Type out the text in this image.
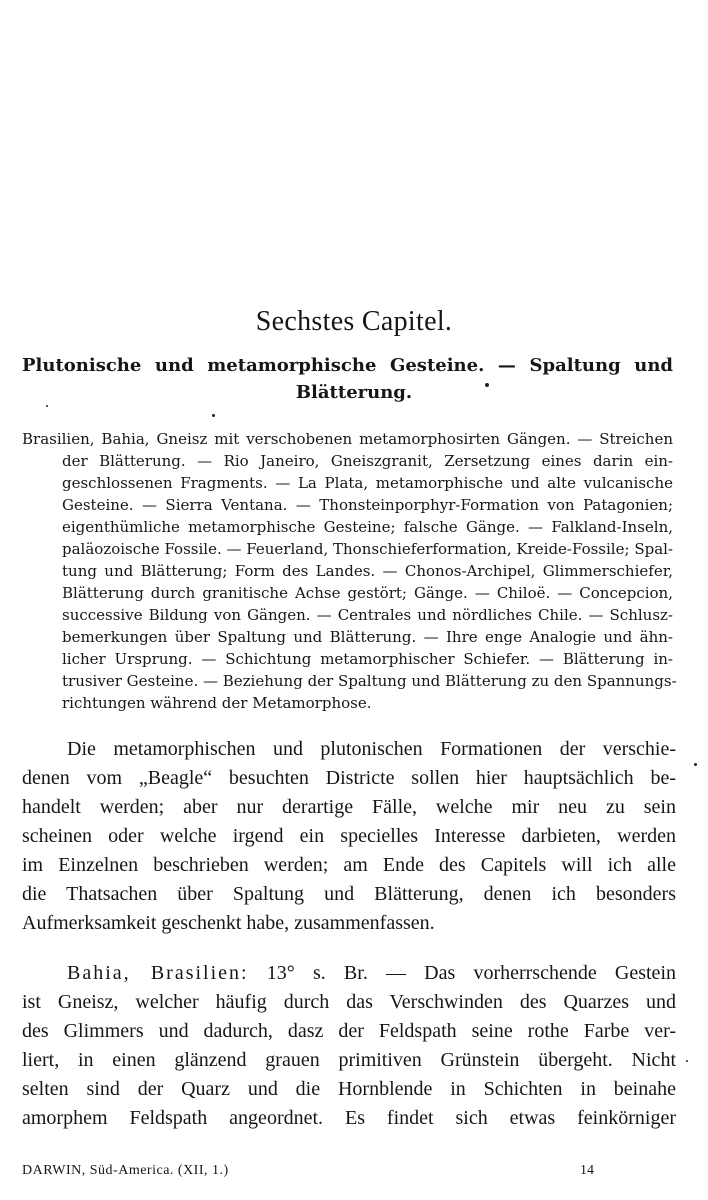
Sechstes Capitel.
Plutonische und metamorphische Gesteine. — Spaltung und
Blätterung.
Brasilien, Bahia, Gneisz mit verschobenen metamorphosirten Gängen. — Streichen
der Blätterung. — Rio Janeiro, Gneiszgranit, Zersetzung eines darin ein-
geschlossenen Fragments. — La Plata, metamorphische und alte vulcanische
Gesteine. — Sierra Ventana. — Thonsteinporphyr-Formation von Patagonien;
eigenthümliche metamorphische Gesteine; falsche Gänge. — Falkland-Inseln,
paläozoische Fossile. — Feuerland, Thonschieferformation, Kreide-Fossile; Spal-
tung und Blätterung; Form des Landes. — Chonos-Archipel, Glimmerschiefer,
Blätterung durch granitische Achse gestört; Gänge. — Chiloë. — Concepcion,
successive Bildung von Gängen. — Centrales und nördliches Chile. — Schlusz-
bemerkungen über Spaltung und Blätterung. — Ihre enge Analogie und ähn-
licher Ursprung. — Schichtung metamorphischer Schiefer. — Blätterung in-
trusiver Gesteine. — Beziehung der Spaltung und Blätterung zu den Spannungs-
richtungen während der Metamorphose.
Die metamorphischen und plutonischen Formationen der verschie-
denen vom „Beagle“ besuchten Districte sollen hier hauptsächlich be-
handelt werden; aber nur derartige Fälle, welche mir neu zu sein
scheinen oder welche irgend ein specielles Interesse darbieten, werden
im Einzelnen beschrieben werden; am Ende des Capitels will ich alle
die Thatsachen über Spaltung und Blätterung, denen ich besonders
Aufmerksamkeit geschenkt habe, zusammenfassen.
Bahia, Brasilien: 13° s. Br. — Das vorherrschende Gestein
ist Gneisz, welcher häufig durch das Verschwinden des Quarzes und
des Glimmers und dadurch, dasz der Feldspath seine rothe Farbe ver-
liert, in einen glänzend grauen primitiven Grünstein übergeht. Nicht
selten sind der Quarz und die Hornblende in Schichten in beinahe
amorphem Feldspath angeordnet. Es findet sich etwas feinkörniger
DARWIN, Süd-America. (XII, 1.)	14
